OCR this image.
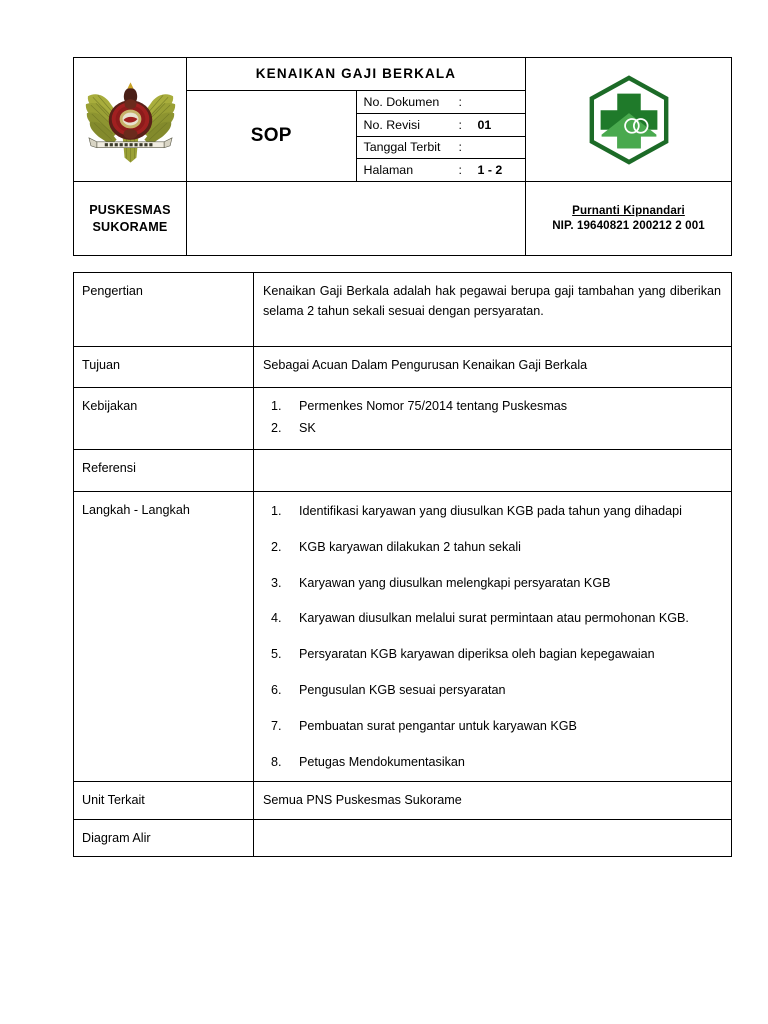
	KENAIKAN GAJI BERKALA	

SOP	
No. Dokumen	:	
No. Revisi	:	01
Tanggal Terbit	:	
Halaman	:	1 - 2

PUSKESMAS
SUKORAME		Purnanti Kipnandari
NIP. 19640821 200212 2 001
Pengertian	Kenaikan Gaji Berkala adalah hak pegawai berupa gaji tambahan yang diberikan selama 2 tahun sekali sesuai dengan persyaratan.
Tujuan	Sebagai Acuan Dalam Pengurusan Kenaikan Gaji Berkala
Kebijakan	1. Permenkes Nomor 75/2014 tentang Puskesmas
2. SK

Referensi	
Langkah - Langkah	1. Identifikasi karyawan yang diusulkan KGB pada tahun yang dihadapi
2. KGB karyawan dilakukan 2 tahun sekali
3. Karyawan yang diusulkan melengkapi persyaratan KGB
4. Karyawan diusulkan melalui surat permintaan atau permohonan KGB.
5. Persyaratan KGB karyawan diperiksa oleh bagian kepegawaian
6. Pengusulan KGB sesuai persyaratan
7. Pembuatan surat pengantar untuk karyawan KGB
8. Petugas Mendokumentasikan

Unit Terkait	Semua PNS Puskesmas Sukorame
Diagram Alir	
